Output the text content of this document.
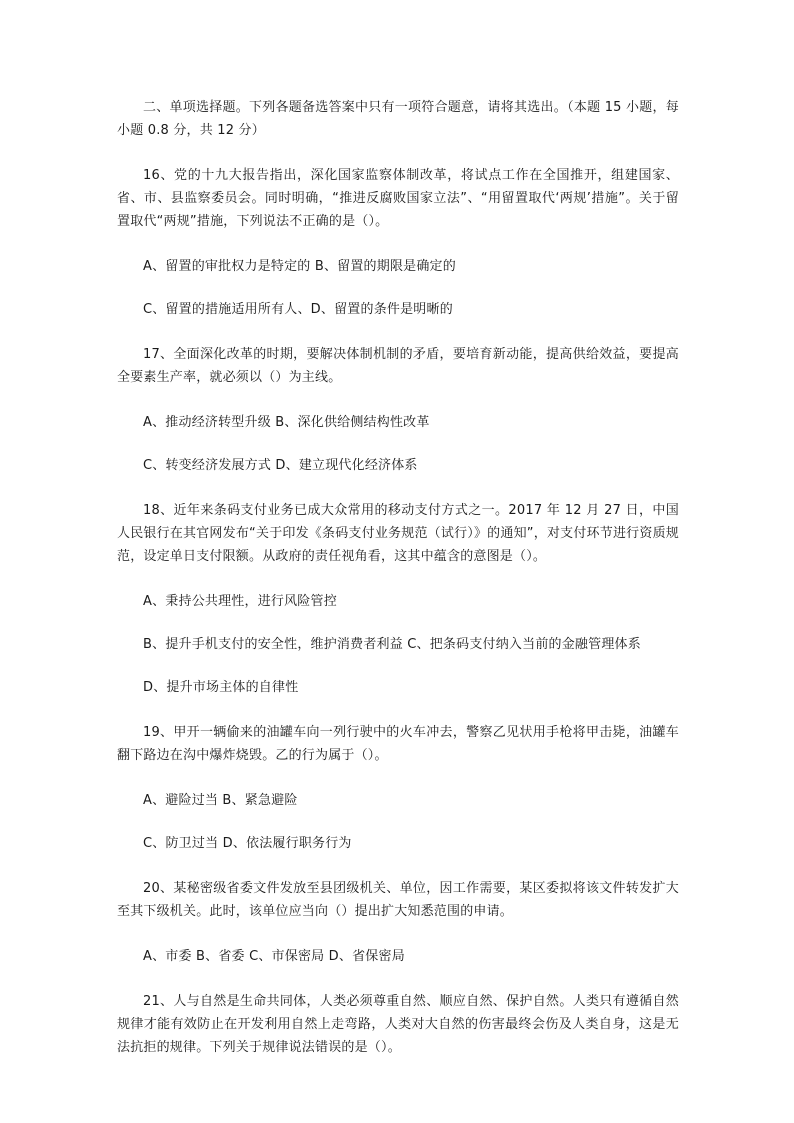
二、单项选择题。下列各题备选答案中只有一项符合题意，请将其选出。（本题 15 小题，每小题 0.8 分，共 12 分）

16、党的十九大报告指出，深化国家监察体制改革，将试点工作在全国推开，组建国家、省、市、县监察委员会。同时明确，“推进反腐败国家立法”、“用留置取代‘两规’措施”。关于留置取代“两规”措施，下列说法不正确的是（）。

A、留置的审批权力是特定的 B、留置的期限是确定的

C、留置的措施适用所有人、D、留置的条件是明晰的

17、全面深化改革的时期，要解决体制机制的矛盾，要培育新动能，提高供给效益，要提高全要素生产率，就必须以（）为主线。

A、推动经济转型升级 B、深化供给侧结构性改革

C、转变经济发展方式 D、建立现代化经济体系

18、近年来条码支付业务已成大众常用的移动支付方式之一。2017 年 12 月 27 日，中国人民银行在其官网发布“关于印发《条码支付业务规范（试行）》的通知”，对支付环节进行资质规范，设定单日支付限额。从政府的责任视角看，这其中蕴含的意图是（）。

A、秉持公共理性，进行风险管控

B、提升手机支付的安全性，维护消费者利益 C、把条码支付纳入当前的金融管理体系

D、提升市场主体的自律性

19、甲开一辆偷来的油罐车向一列行驶中的火车冲去，警察乙见状用手枪将甲击毙，油罐车翻下路边在沟中爆炸烧毁。乙的行为属于（）。

A、避险过当 B、紧急避险

C、防卫过当 D、依法履行职务行为

20、某秘密级省委文件发放至县团级机关、单位，因工作需要，某区委拟将该文件转发扩大至其下级机关。此时，该单位应当向（）提出扩大知悉范围的申请。

A、市委 B、省委 C、市保密局 D、省保密局

21、人与自然是生命共同体，人类必须尊重自然、顺应自然、保护自然。人类只有遵循自然规律才能有效防止在开发利用自然上走弯路，人类对大自然的伤害最终会伤及人类自身，这是无法抗拒的规律。下列关于规律说法错误的是（）。
